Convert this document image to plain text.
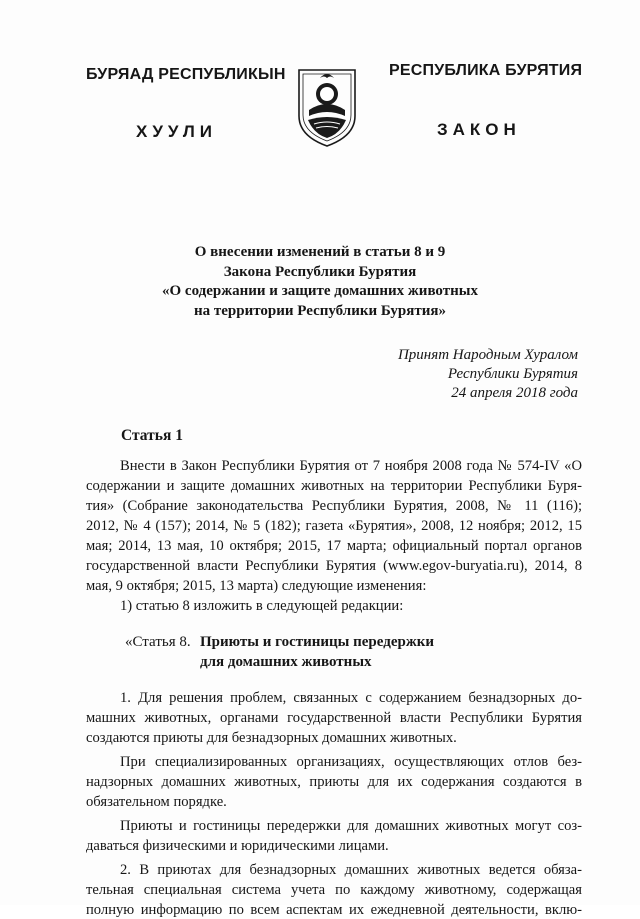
БУРЯАД РЕСПУБЛИКЫН	РЕСПУБЛИКА БУРЯТИЯ
ХУУЛИ	ЗАКОН
О внесении изменений в статьи 8 и 9
Закона Республики Бурятия
«О содержании и защите домашних животных
на территории Республики Бурятия»
Принят Народным Хуралом
Республики Бурятия
24 апреля 2018 года
Статья 1
Внести в Закон Республики Бурятия от 7 ноября 2008 года № 574-IV «О
содержании и защите домашних животных на территории Республики Буря-
тия» (Собрание законодательства Республики Бурятия, 2008, № 11 (116);
2012, № 4 (157); 2014, № 5 (182); газета «Бурятия», 2008, 12 ноября; 2012, 15
мая; 2014, 13 мая, 10 октября; 2015, 17 марта; официальный портал органов
государственной власти Республики Бурятия (www.egov-buryatia.ru), 2014, 8
мая, 9 октября; 2015, 13 марта) следующие изменения:
1) статью 8 изложить в следующей редакции:
«Статья 8. Приюты и гостиницы передержки
для домашних животных
1. Для решения проблем, связанных с содержанием безнадзорных до-
машних животных, органами государственной власти Республики Бурятия
создаются приюты для безнадзорных домашних животных.
При специализированных организациях, осуществляющих отлов без-
надзорных домашних животных, приюты для их содержания создаются в
обязательном порядке.
Приюты и гостиницы передержки для домашних животных могут соз-
даваться физическими и юридическими лицами.
2. В приютах для безнадзорных домашних животных ведется обяза-
тельная специальная система учета по каждому животному, содержащая
полную информацию по всем аспектам их ежедневной деятельности, вклю-
